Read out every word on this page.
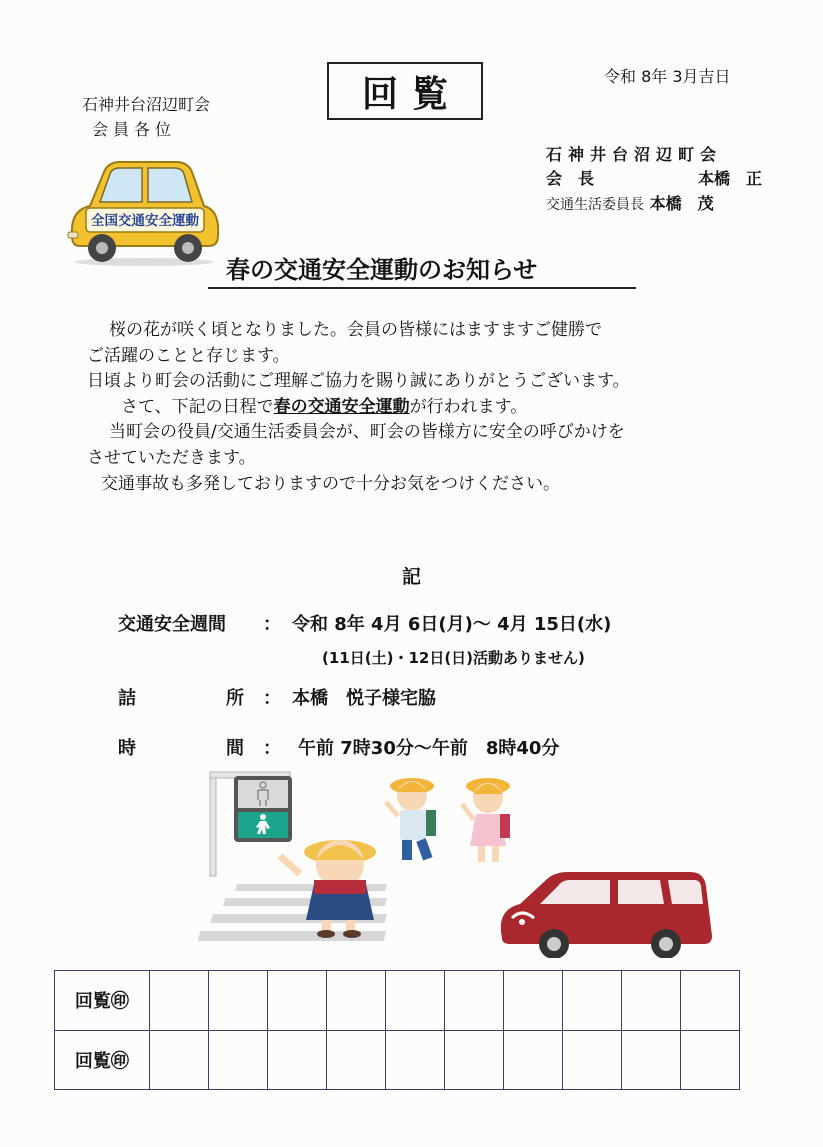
回覧	令和 8年 3月吉日
石神井台沼辺町会
会員各位
石神井台沼辺町会
会　長	本橋　正
交通生活委員長 本橋　茂
全国交通安全運動
春の交通安全運動のお知らせ

桜の花が咲く頃となりました。会員の皆様にはますますご健勝で

ご活躍のことと存じます。

日頃より町会の活動にご理解ご協力を賜り誠にありがとうございます。

さて、下記の日程で春の交通安全運動が行われます。

当町会の役員/交通生活委員会が、町会の皆様方に安全の呼びかけを

させていただきます。

交通事故も多発しておりますので十分お気をつけください。

記
交通安全週間 ： 令和 8年 4月 6日(月)～ 4月 15日(水)
(11日(土)・12日(日)活動ありません)
詰	所 ： 本橋　悦子様宅脇
時	間 ： 午前 7時30分～午前　8時40分
回覧㊞										
回覧㊞										
